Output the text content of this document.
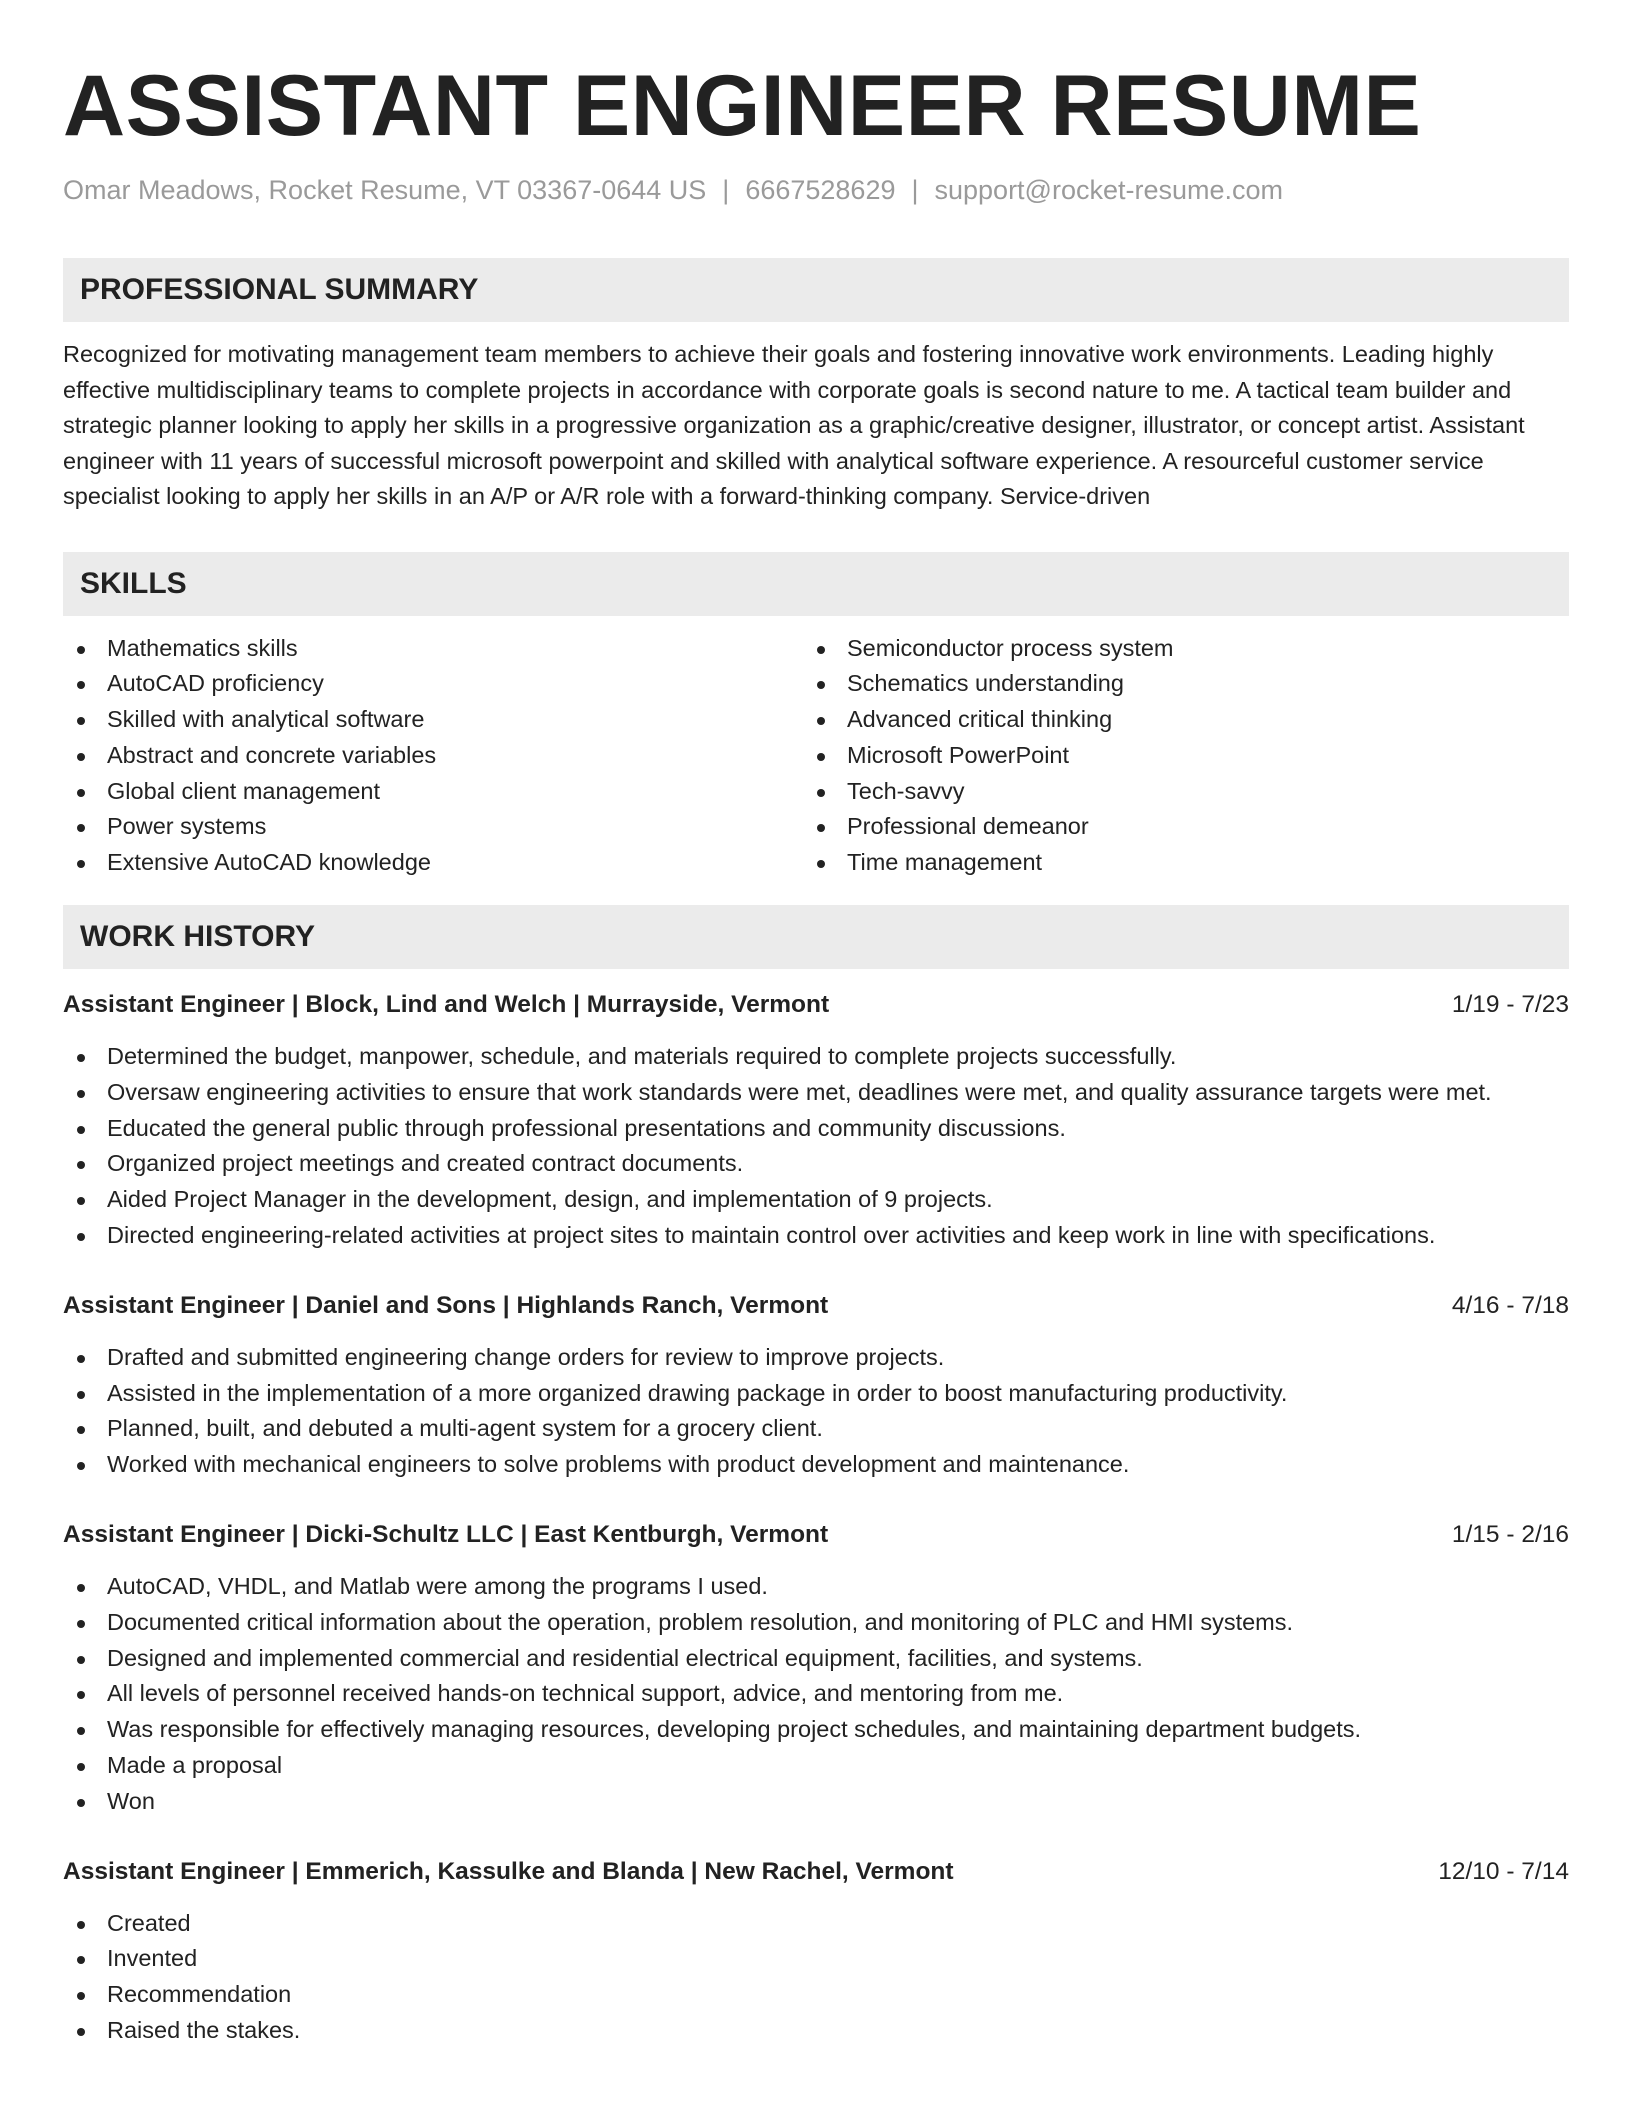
ASSISTANT ENGINEER RESUME
Omar Meadows, Rocket Resume, VT 03367-0644 US | 6667528629 | support@rocket-resume.com
PROFESSIONAL SUMMARY
Recognized for motivating management team members to achieve their goals and fostering innovative work environments. Leading highly effective multidisciplinary teams to complete projects in accordance with corporate goals is second nature to me. A tactical team builder and strategic planner looking to apply her skills in a progressive organization as a graphic/creative designer, illustrator, or concept artist. Assistant engineer with 11 years of successful microsoft powerpoint and skilled with analytical software experience. A resourceful customer service specialist looking to apply her skills in an A/P or A/R role with a forward-thinking company. Service-driven
SKILLS
Mathematics skills
AutoCAD proficiency
Skilled with analytical software
Abstract and concrete variables
Global client management
Power systems
Extensive AutoCAD knowledge
Semiconductor process system
Schematics understanding
Advanced critical thinking
Microsoft PowerPoint
Tech-savvy
Professional demeanor
Time management
WORK HISTORY
Assistant Engineer | Block, Lind and Welch | Murrayside, Vermont	1/19 - 7/23
Determined the budget, manpower, schedule, and materials required to complete projects successfully.
Oversaw engineering activities to ensure that work standards were met, deadlines were met, and quality assurance targets were met.
Educated the general public through professional presentations and community discussions.
Organized project meetings and created contract documents.
Aided Project Manager in the development, design, and implementation of 9 projects.
Directed engineering-related activities at project sites to maintain control over activities and keep work in line with specifications.
Assistant Engineer | Daniel and Sons | Highlands Ranch, Vermont	4/16 - 7/18
Drafted and submitted engineering change orders for review to improve projects.
Assisted in the implementation of a more organized drawing package in order to boost manufacturing productivity.
Planned, built, and debuted a multi-agent system for a grocery client.
Worked with mechanical engineers to solve problems with product development and maintenance.
Assistant Engineer | Dicki-Schultz LLC | East Kentburgh, Vermont	1/15 - 2/16
AutoCAD, VHDL, and Matlab were among the programs I used.
Documented critical information about the operation, problem resolution, and monitoring of PLC and HMI systems.
Designed and implemented commercial and residential electrical equipment, facilities, and systems.
All levels of personnel received hands-on technical support, advice, and mentoring from me.
Was responsible for effectively managing resources, developing project schedules, and maintaining department budgets.
Made a proposal
Won
Assistant Engineer | Emmerich, Kassulke and Blanda | New Rachel, Vermont	12/10 - 7/14
Created
Invented
Recommendation
Raised the stakes.
